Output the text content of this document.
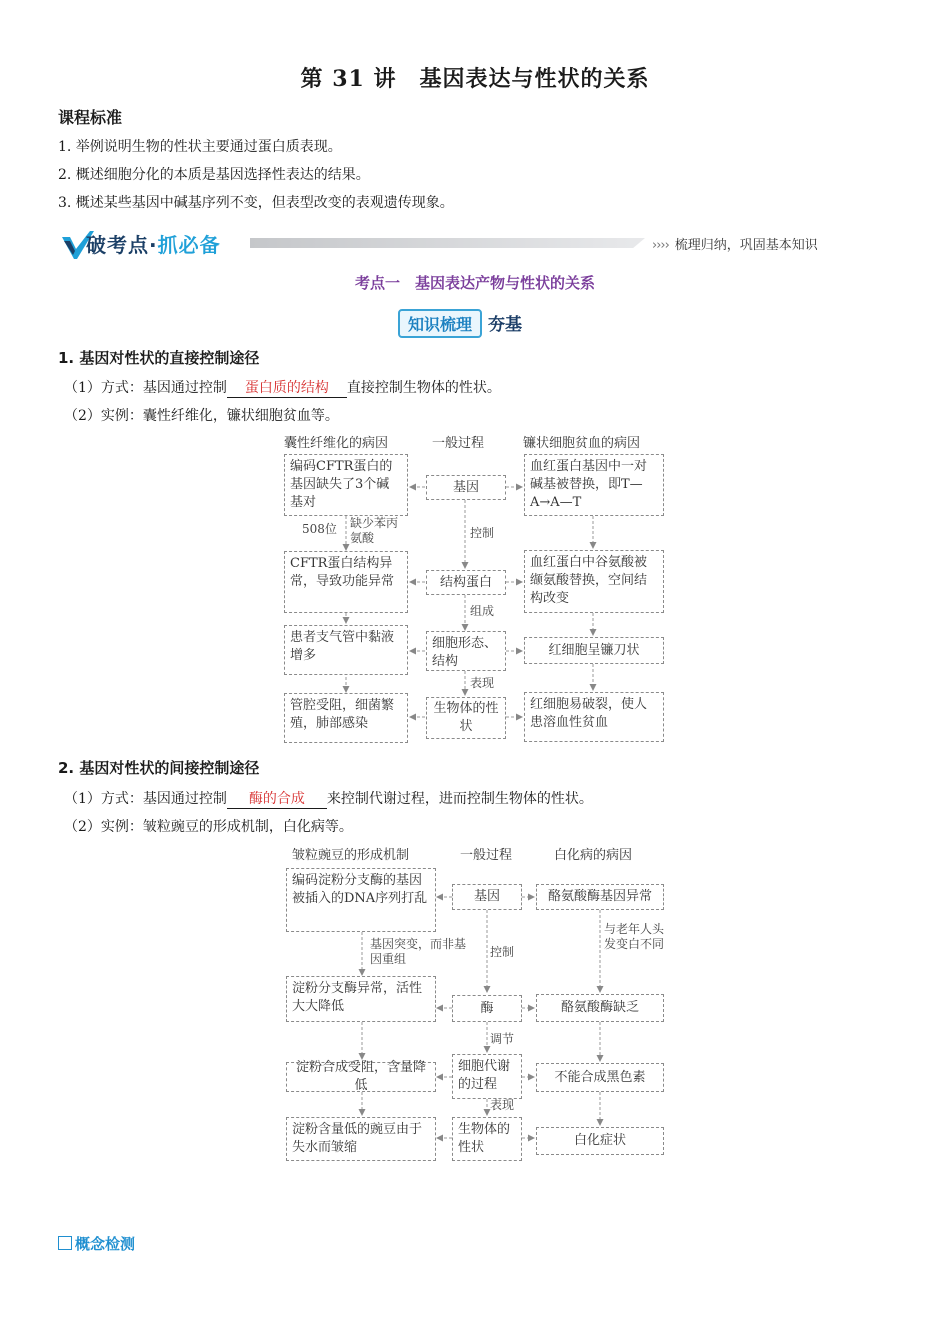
第 31 讲　基因表达与性状的关系
课程标准
1. 举例说明生物的性状主要通过蛋白质表现。
2. 概述细胞分化的本质是基因选择性表达的结果。
3. 概述某些基因中碱基序列不变，但表型改变的表观遗传现象。
破考点·抓必备	›››› 梳理归纳，巩固基本知识
考点一　基因表达产物与性状的关系
知识梳理 夯基
1. 基因对性状的直接控制途径
（1）方式：基因通过控制 蛋白质的结构 直接控制生物体的性状。
（2）实例：囊性纤维化，镰状细胞贫血等。
囊性纤维化的病因	一般过程	镰状细胞贫血的病因
编码CFTR蛋白的基因缺失了3个碱基对
CFTR蛋白结构异常，导致功能异常
患者支气管中黏液增多
管腔受阻，细菌繁殖，肺部感染
基因
结构蛋白
细胞形态、结构
生物体的性状
血红蛋白基因中一对碱基被替换，即T—A→A—T
血红蛋白中谷氨酸被缬氨酸替换，空间结构改变
红细胞呈镰刀状
红细胞易破裂，使人患溶血性贫血
508位 缺少苯丙氨酸	控制
组成
表现
2. 基因对性状的间接控制途径
（1）方式：基因通过控制 酶的合成 来控制代谢过程，进而控制生物体的性状。
（2）实例：皱粒豌豆的形成机制，白化病等。
皱粒豌豆的形成机制	一般过程	白化病的病因
编码淀粉分支酶的基因被插入的DNA序列打乱
淀粉分支酶异常，活性大大降低
淀粉合成受阻，含量降低
淀粉含量低的豌豆由于失水而皱缩
基因
酶
细胞代谢的过程
生物体的性状
酪氨酸酶基因异常
酪氨酸酶缺乏
不能合成黑色素
白化症状
基因突变，而非基因重组	控制
调节
表现
与老年人头发变白不同
概念检测
